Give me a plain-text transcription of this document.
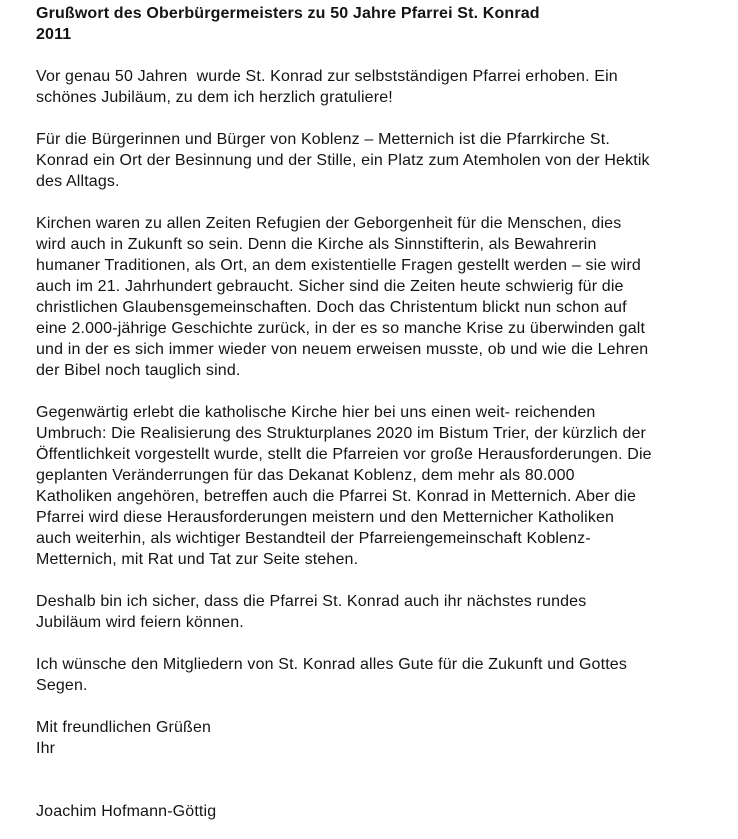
Grußwort des Oberbürgermeisters zu 50 Jahre Pfarrei St. Konrad
2011
Vor genau 50 Jahren  wurde St. Konrad zur selbstständigen Pfarrei erhoben. Ein
schönes Jubiläum, zu dem ich herzlich gratuliere!
Für die Bürgerinnen und Bürger von Koblenz – Metternich ist die Pfarrkirche St.
Konrad ein Ort der Besinnung und der Stille, ein Platz zum Atemholen von der Hektik
des Alltags.
Kirchen waren zu allen Zeiten Refugien der Geborgenheit für die Menschen, dies
wird auch in Zukunft so sein. Denn die Kirche als Sinnstifterin, als Bewahrerin
humaner Traditionen, als Ort, an dem existentielle Fragen gestellt werden – sie wird
auch im 21. Jahrhundert gebraucht. Sicher sind die Zeiten heute schwierig für die
christlichen Glaubensgemeinschaften. Doch das Christentum blickt nun schon auf
eine 2.000-jährige Geschichte zurück, in der es so manche Krise zu überwinden galt
und in der es sich immer wieder von neuem erweisen musste, ob und wie die Lehren
der Bibel noch tauglich sind.
Gegenwärtig erlebt die katholische Kirche hier bei uns einen weit- reichenden
Umbruch: Die Realisierung des Strukturplanes 2020 im Bistum Trier, der kürzlich der
Öffentlichkeit vorgestellt wurde, stellt die Pfarreien vor große Herausforderungen. Die
geplanten Veränderrungen für das Dekanat Koblenz, dem mehr als 80.000
Katholiken angehören, betreffen auch die Pfarrei St. Konrad in Metternich. Aber die
Pfarrei wird diese Herausforderungen meistern und den Metternicher Katholiken
auch weiterhin, als wichtiger Bestandteil der Pfarreiengemeinschaft Koblenz-
Metternich, mit Rat und Tat zur Seite stehen.
Deshalb bin ich sicher, dass die Pfarrei St. Konrad auch ihr nächstes rundes
Jubiläum wird feiern können.
Ich wünsche den Mitgliedern von St. Konrad alles Gute für die Zukunft und Gottes
Segen.
Mit freundlichen Grüßen
Ihr
Joachim Hofmann-Göttig
